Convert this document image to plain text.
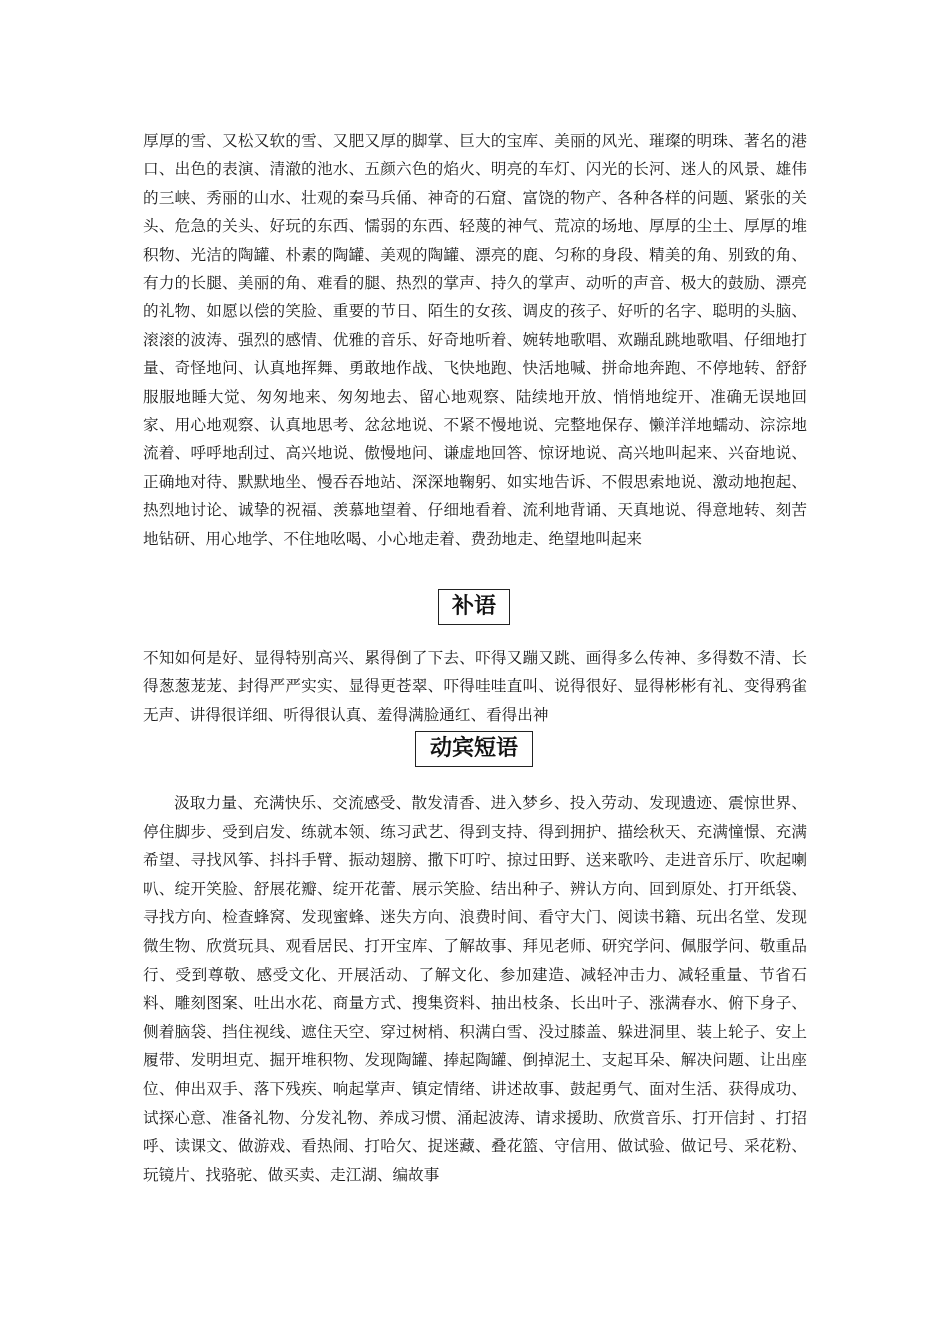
厚厚的雪、又松又软的雪、又肥又厚的脚掌、巨大的宝库、美丽的风光、璀璨的明珠、著名的港口、出色的表演、清澈的池水、五颜六色的焰火、明亮的车灯、闪光的长河、迷人的风景、雄伟的三峡、秀丽的山水、壮观的秦马兵俑、神奇的石窟、富饶的物产、各种各样的问题、紧张的关头、危急的关头、好玩的东西、懦弱的东西、轻蔑的神气、荒凉的场地、厚厚的尘土、厚厚的堆积物、光洁的陶罐、朴素的陶罐、美观的陶罐、漂亮的鹿、匀称的身段、精美的角、别致的角、有力的长腿、美丽的角、难看的腿、热烈的掌声、持久的掌声、动听的声音、极大的鼓励、漂亮的礼物、如愿以偿的笑脸、重要的节日、陌生的女孩、调皮的孩子、好听的名字、聪明的头脑、滚滚的波涛、强烈的感情、优雅的音乐、好奇地听着、婉转地歌唱、欢蹦乱跳地歌唱、仔细地打量、奇怪地问、认真地挥舞、勇敢地作战、飞快地跑、快活地喊、拼命地奔跑、不停地转、舒舒服服地睡大觉、匆匆地来、匆匆地去、留心地观察、陆续地开放、悄悄地绽开、准确无误地回家、用心地观察、认真地思考、忿忿地说、不紧不慢地说、完整地保存、懒洋洋地蠕动、淙淙地流着、呼呼地刮过、高兴地说、傲慢地问、谦虚地回答、惊讶地说、高兴地叫起来、兴奋地说、正确地对待、默默地坐、慢吞吞地站、深深地鞠躬、如实地告诉、不假思索地说、激动地抱起、热烈地讨论、诚挚的祝福、羡慕地望着、仔细地看着、流利地背诵、天真地说、得意地转、刻苦地钻研、用心地学、不住地吆喝、小心地走着、费劲地走、绝望地叫起来

补语

不知如何是好、显得特别高兴、累得倒了下去、吓得又蹦又跳、画得多么传神、多得数不清、长得葱葱茏茏、封得严严实实、显得更苍翠、吓得哇哇直叫、说得很好、显得彬彬有礼、变得鸦雀无声、讲得很详细、听得很认真、羞得满脸通红、看得出神

动宾短语

汲取力量、充满快乐、交流感受、散发清香、进入梦乡、投入劳动、发现遗迹、震惊世界、停住脚步、受到启发、练就本领、练习武艺、得到支持、得到拥护、描绘秋天、充满憧憬、充满希望、寻找风筝、抖抖手臂、振动翅膀、撒下叮咛、掠过田野、送来歌吟、走进音乐厅、吹起喇叭、绽开笑脸、舒展花瓣、绽开花蕾、展示笑脸、结出种子、辨认方向、回到原处、打开纸袋、寻找方向、检查蜂窝、发现蜜蜂、迷失方向、浪费时间、看守大门、阅读书籍、玩出名堂、发现微生物、欣赏玩具、观看居民、打开宝库、了解故事、拜见老师、研究学问、佩服学问、敬重品行、受到尊敬、感受文化、开展活动、了解文化、参加建造、减轻冲击力、减轻重量、节省石料、雕刻图案、吐出水花、商量方式、搜集资料、抽出枝条、长出叶子、涨满春水、俯下身子、侧着脑袋、挡住视线、遮住天空、穿过树梢、积满白雪、没过膝盖、躲进洞里、装上轮子、安上履带、发明坦克、掘开堆积物、发现陶罐、捧起陶罐、倒掉泥土、支起耳朵、解决问题、让出座位、伸出双手、落下残疾、响起掌声、镇定情绪、讲述故事、鼓起勇气、面对生活、获得成功、试探心意、准备礼物、分发礼物、养成习惯、涌起波涛、请求援助、欣赏音乐、打开信封 、打招呼、读课文、做游戏、看热闹、打哈欠、捉迷藏、叠花篮、守信用、做试验、做记号、采花粉、玩镜片、找骆驼、做买卖、走江湖、编故事
